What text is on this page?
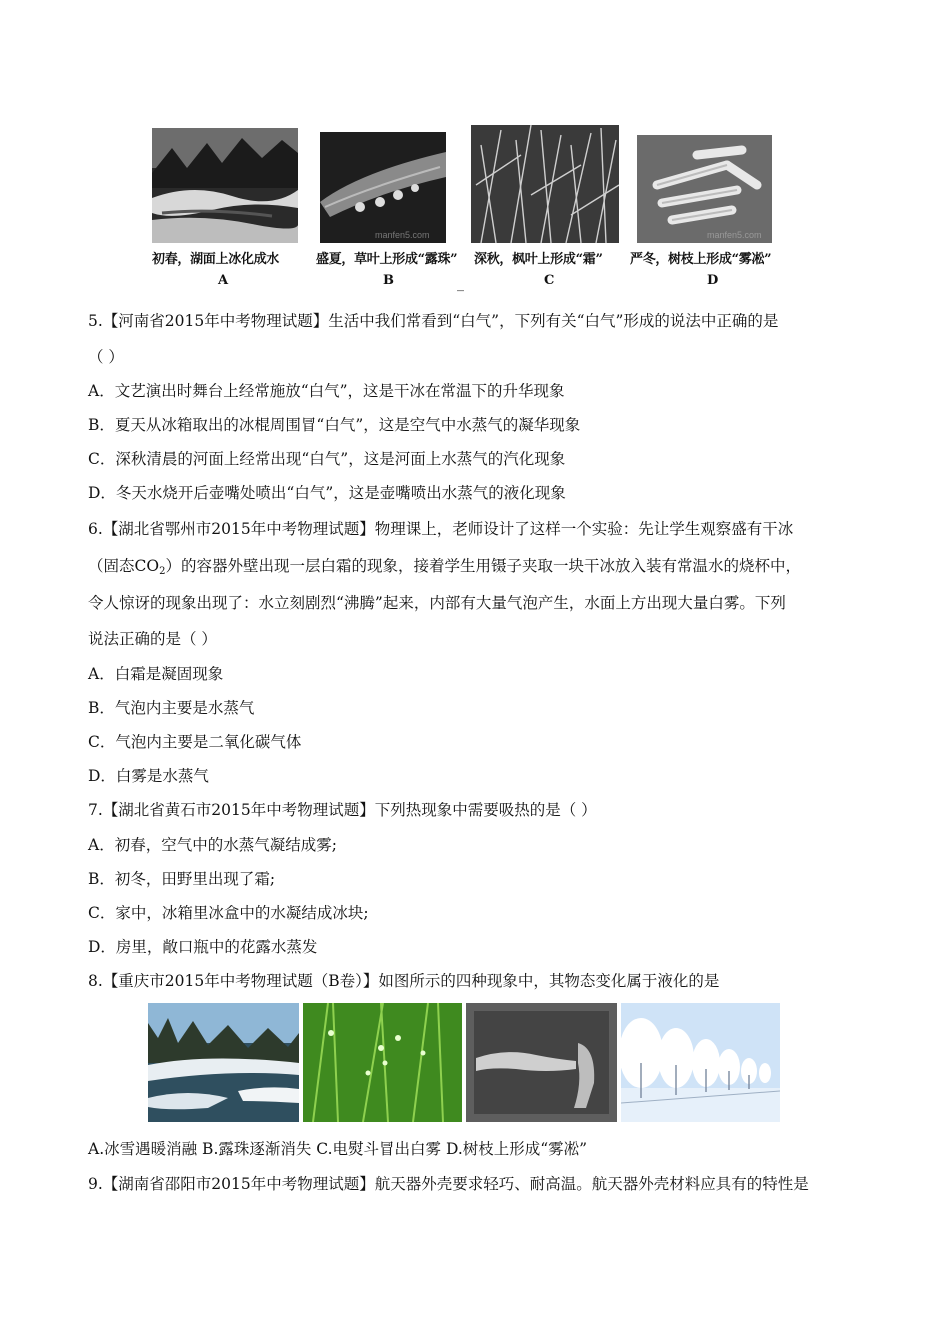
manfen5.com	manfen5.com
初春，湖面上冰化成水	盛夏，草叶上形成“露珠” 深秋，枫叶上形成“霜” 严冬，树枝上形成“雾凇”
A	B	C	D
_
5.【河南省2015年中考物理试题】生活中我们常看到“白气”，下列有关“白气”形成的说法中正确的是
（ ）
A．文艺演出时舞台上经常施放“白气”，这是干冰在常温下的升华现象
B．夏天从冰箱取出的冰棍周围冒“白气”，这是空气中水蒸气的凝华现象
C．深秋清晨的河面上经常出现“白气”，这是河面上水蒸气的汽化现象
D．冬天水烧开后壶嘴处喷出“白气”，这是壶嘴喷出水蒸气的液化现象
6.【湖北省鄂州市2015年中考物理试题】物理课上，老师设计了这样一个实验：先让学生观察盛有干冰
（固态$CO_2$）的容器外壁出现一层白霜的现象，接着学生用镊子夹取一块干冰放入装有常温水的烧杯中，
令人惊讶的现象出现了：水立刻剧烈“沸腾”起来，内部有大量气泡产生，水面上方出现大量白雾。下列
说法正确的是（ ）
A．白霜是凝固现象
B．气泡内主要是水蒸气
C．气泡内主要是二氧化碳气体
D．白雾是水蒸气
7.【湖北省黄石市2015年中考物理试题】下列热现象中需要吸热的是（ ）
A．初春，空气中的水蒸气凝结成雾;
B．初冬，田野里出现了霜;
C．家中，冰箱里冰盒中的水凝结成冰块;
D．房里，敞口瓶中的花露水蒸发
8.【重庆市2015年中考物理试题（B卷）】如图所示的四种现象中，其物态变化属于液化的是
A.冰雪遇暖消融 B.露珠逐渐消失 C.电熨斗冒出白雾 D.树枝上形成“雾凇”
9.【湖南省邵阳市2015年中考物理试题】航天器外壳要求轻巧、耐高温。航天器外壳材料应具有的特性是
